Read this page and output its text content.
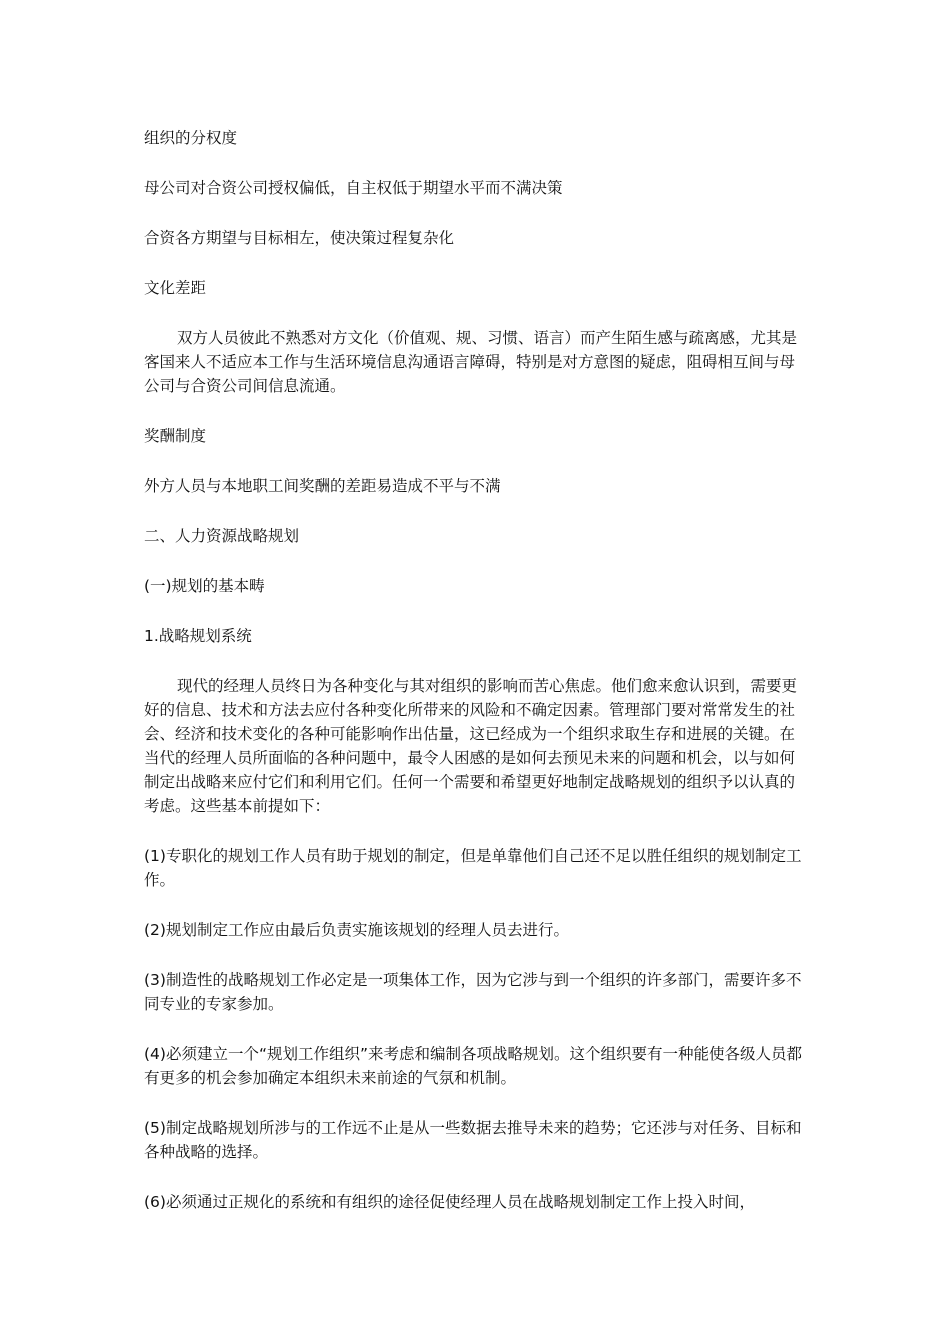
组织的分权度

母公司对合资公司授权偏低，自主权低于期望水平而不满决策

合资各方期望与目标相左，使决策过程复杂化

文化差距

双方人员彼此不熟悉对方文化（价值观、规、习惯、语言）而产生陌生感与疏离感，尤其是客国来人不适应本工作与生活环境信息沟通语言障碍，特别是对方意图的疑虑，阻碍相互间与母公司与合资公司间信息流通。

奖酬制度

外方人员与本地职工间奖酬的差距易造成不平与不满

二、人力资源战略规划

(一)规划的基本畴

1.战略规划系统

现代的经理人员终日为各种变化与其对组织的影响而苦心焦虑。他们愈来愈认识到，需要更好的信息、技术和方法去应付各种变化所带来的风险和不确定因素。管理部门要对常常发生的社会、经济和技术变化的各种可能影响作出估量，这已经成为一个组织求取生存和进展的关键。在当代的经理人员所面临的各种问题中，最令人困感的是如何去预见未来的问题和机会，以与如何制定出战略来应付它们和利用它们。任何一个需要和希望更好地制定战略规划的组织予以认真的考虑。这些基本前提如下：

(1)专职化的规划工作人员有助于规划的制定，但是单靠他们自己还不足以胜任组织的规划制定工作。

(2)规划制定工作应由最后负责实施该规划的经理人员去进行。

(3)制造性的战略规划工作必定是一项集体工作，因为它涉与到一个组织的许多部门，需要许多不同专业的专家参加。

(4)必须建立一个“规划工作组织”来考虑和编制各项战略规划。这个组织要有一种能使各级人员都有更多的机会参加确定本组织未来前途的气氛和机制。

(5)制定战略规划所涉与的工作远不止是从一些数据去推导未来的趋势；它还涉与对任务、目标和各种战略的选择。

(6)必须通过正规化的系统和有组织的途径促使经理人员在战略规划制定工作上投入时间，
